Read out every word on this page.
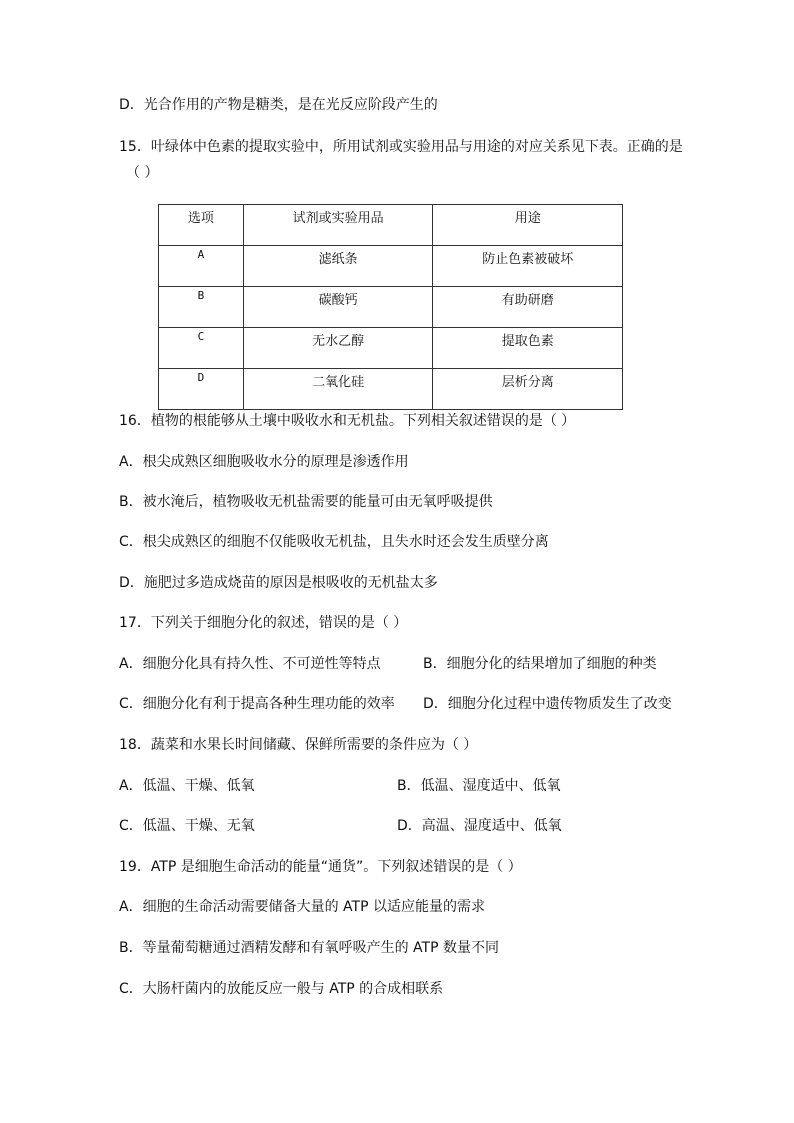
D．光合作用的产物是糖类，是在光反应阶段产生的
15．叶绿体中色素的提取实验中，所用试剂或实验用品与用途的对应关系见下表。正确的是
（ ）
选项	试剂或实验用品	用途
A	滤纸条	防止色素被破坏
B	碳酸钙	有助研磨
C	无水乙醇	提取色素
D	二氧化硅	层析分离
16．植物的根能够从土壤中吸收水和无机盐。下列相关叙述错误的是（ ）
A．根尖成熟区细胞吸收水分的原理是渗透作用
B．被水淹后，植物吸收无机盐需要的能量可由无氧呼吸提供
C．根尖成熟区的细胞不仅能吸收无机盐，且失水时还会发生质壁分离
D．施肥过多造成烧苗的原因是根吸收的无机盐太多
17．下列关于细胞分化的叙述，错误的是（ ）
A．细胞分化具有持久性、不可逆性等特点	B．细胞分化的结果增加了细胞的种类
C．细胞分化有利于提高各种生理功能的效率 D．细胞分化过程中遗传物质发生了改变
18．蔬菜和水果长时间储藏、保鲜所需要的条件应为（ ）
A．低温、干燥、低氧	B．低温、湿度适中、低氧
C．低温、干燥、无氧	D．高温、湿度适中、低氧
19．ATP 是细胞生命活动的能量“通货”。下列叙述错误的是（ ）
A．细胞的生命活动需要储备大量的 ATP 以适应能量的需求
B．等量葡萄糖通过酒精发酵和有氧呼吸产生的 ATP 数量不同
C．大肠杆菌内的放能反应一般与 ATP 的合成相联系
